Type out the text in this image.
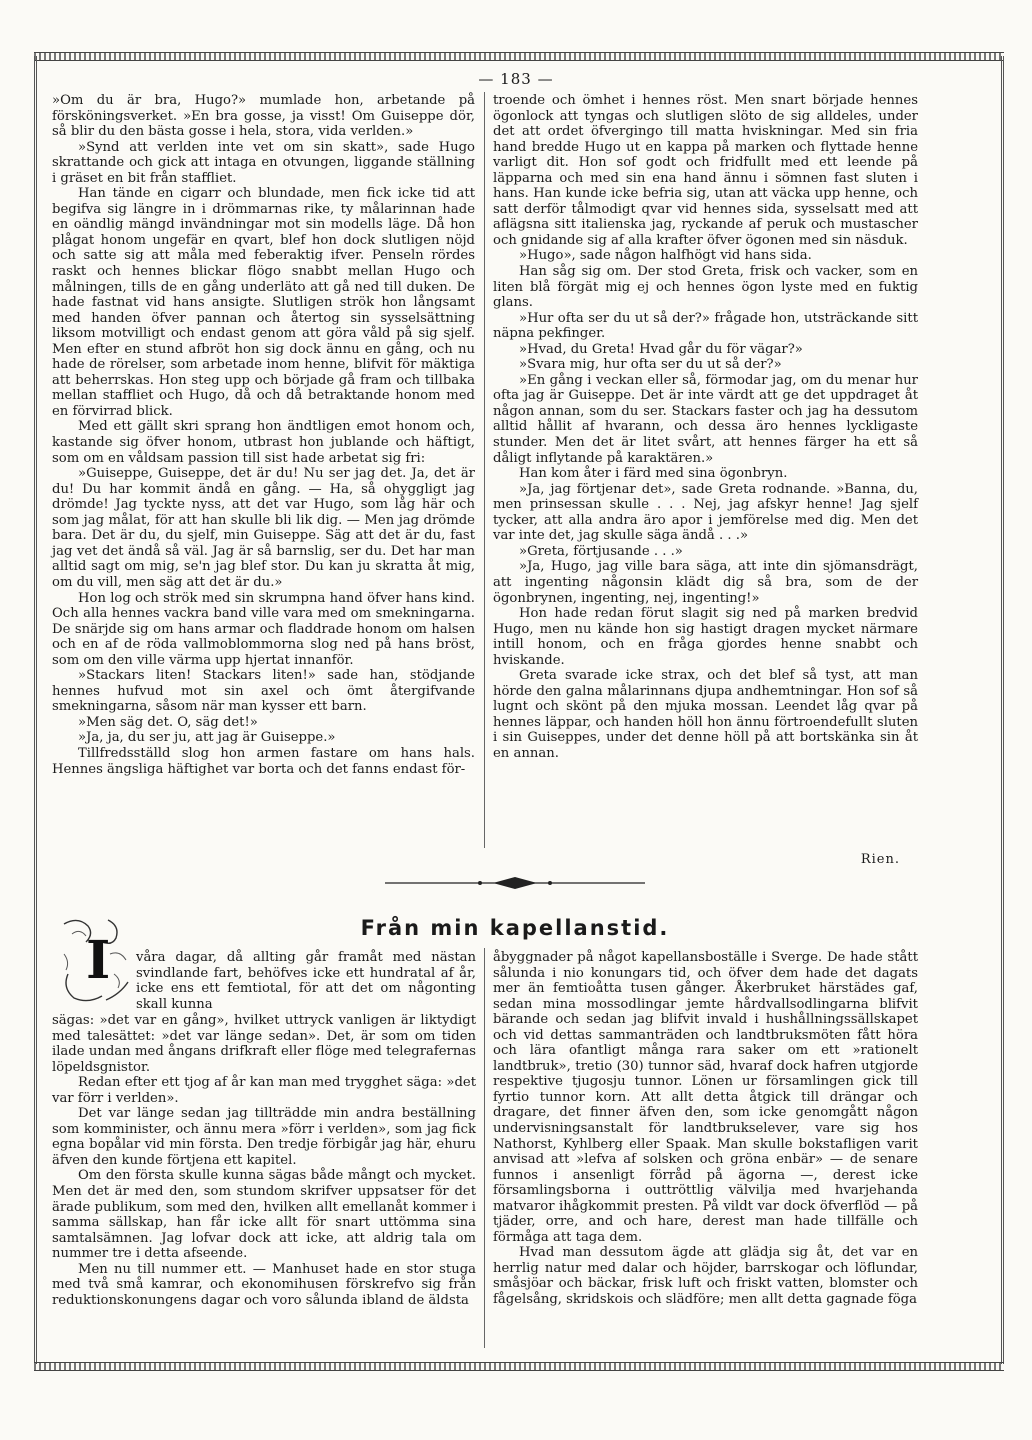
— 183 —

»Om du är bra, Hugo?» mumlade hon, arbetande på försköningsverket. »En bra gosse, ja visst! Om Guiseppe dör, så blir du den bästa gosse i hela, stora, vida verlden.»

»Synd att verlden inte vet om sin skatt», sade Hugo skrattande och gick att intaga en otvungen, liggande ställning i gräset en bit från staffliet.

Han tände en cigarr och blundade, men fick icke tid att begifva sig längre in i drömmarnas rike, ty målarinnan hade en oändlig mängd invändningar mot sin modells läge. Då hon plågat honom ungefär en qvart, blef hon dock slutligen nöjd och satte sig att måla med feberaktig ifver. Penseln rördes raskt och hennes blickar flögo snabbt mellan Hugo och målningen, tills de en gång underläto att gå ned till duken. De hade fastnat vid hans ansigte. Slutligen strök hon långsamt med handen öfver pannan och återtog sin sysselsättning liksom motvilligt och endast genom att göra våld på sig sjelf. Men efter en stund afbröt hon sig dock ännu en gång, och nu hade de rörelser, som arbetade inom henne, blifvit för mäktiga att beherrskas. Hon steg upp och började gå fram och tillbaka mellan staffliet och Hugo, då och då betraktande honom med en förvirrad blick.

Med ett gällt skri sprang hon ändtligen emot honom och, kastande sig öfver honom, utbrast hon jublande och häftigt, som om en våldsam passion till sist hade arbetat sig fri:

»Guiseppe, Guiseppe, det är du! Nu ser jag det. Ja, det är du! Du har kommit ändå en gång. — Ha, så ohyggligt jag drömde! Jag tyckte nyss, att det var Hugo, som låg här och som jag målat, för att han skulle bli lik dig. — Men jag drömde bara. Det är du, du sjelf, min Guiseppe. Säg att det är du, fast jag vet det ändå så väl. Jag är så barnslig, ser du. Det har man alltid sagt om mig, se'n jag blef stor. Du kan ju skratta åt mig, om du vill, men säg att det är du.»

Hon log och strök med sin skrumpna hand öfver hans kind. Och alla hennes vackra band ville vara med om smekningarna. De snärjde sig om hans armar och fladdrade honom om halsen och en af de röda vallmoblommorna slog ned på hans bröst, som om den ville värma upp hjertat innanför.

»Stackars liten! Stackars liten!» sade han, stödjande hennes hufvud mot sin axel och ömt återgifvande smekningarna, såsom när man kysser ett barn.

»Men säg det. O, säg det!»

»Ja, ja, du ser ju, att jag är Guiseppe.»

Tillfredsställd slog hon armen fastare om hans hals. Hennes ängsliga häftighet var borta och det fanns endast för-

troende och ömhet i hennes röst. Men snart började hennes ögonlock att tyngas och slutligen slöto de sig alldeles, under det att ordet öfvergingo till matta hviskningar. Med sin fria hand bredde Hugo ut en kappa på marken och flyttade henne varligt dit. Hon sof godt och fridfullt med ett leende på läpparna och med sin ena hand ännu i sömnen fast sluten i hans. Han kunde icke befria sig, utan att väcka upp henne, och satt derför tålmodigt qvar vid hennes sida, sysselsatt med att aflägsna sitt italienska jag, ryckande af peruk och mustascher och gnidande sig af alla krafter öfver ögonen med sin näsduk.

»Hugo», sade någon halfhögt vid hans sida.

Han såg sig om. Der stod Greta, frisk och vacker, som en liten blå förgät mig ej och hennes ögon lyste med en fuktig glans.

»Hur ofta ser du ut så der?» frågade hon, utsträckande sitt näpna pekfinger.

»Hvad, du Greta! Hvad går du för vägar?»

»Svara mig, hur ofta ser du ut så der?»

»En gång i veckan eller så, förmodar jag, om du menar hur ofta jag är Guiseppe. Det är inte värdt att ge det uppdraget åt någon annan, som du ser. Stackars faster och jag ha dessutom alltid hållit af hvarann, och dessa äro hennes lyckligaste stunder. Men det är litet svårt, att hennes färger ha ett så dåligt inflytande på karaktären.»

Han kom åter i färd med sina ögonbryn.

»Ja, jag förtjenar det», sade Greta rodnande. »Banna, du, men prinsessan skulle . . . Nej, jag afskyr henne! Jag sjelf tycker, att alla andra äro apor i jemförelse med dig. Men det var inte det, jag skulle säga ändå . . .»

»Greta, förtjusande . . .»

»Ja, Hugo, jag ville bara säga, att inte din sjömansdrägt, att ingenting någonsin klädt dig så bra, som de der ögonbrynen, ingenting, nej, ingenting!»

Hon hade redan förut slagit sig ned på marken bredvid Hugo, men nu kände hon sig hastigt dragen mycket närmare intill honom, och en fråga gjordes henne snabbt och hviskande.

Greta svarade icke strax, och det blef så tyst, att man hörde den galna målarinnans djupa andhemtningar. Hon sof så lugnt och skönt på den mjuka mossan. Leendet låg qvar på hennes läppar, och handen höll hon ännu förtroendefullt sluten i sin Guiseppes, under det denne höll på att bortskänka sin åt en annan.

Rien.
Från min kapellanstid.
I våra dagar, då allting går framåt med nästan svindlande fart, behöfves icke ett hundratal af år, icke ens ett femtiotal, för att det om någonting skall kunna

sägas: »det var en gång», hvilket uttryck vanligen är liktydigt med talesättet: »det var länge sedan». Det, är som om tiden ilade undan med ångans drifkraft eller flöge med telegrafernas löpeldsgnistor.

Redan efter ett tjog af år kan man med trygghet säga: »det var förr i verlden».

Det var länge sedan jag tillträdde min andra beställning som komminister, och ännu mera »förr i verlden», som jag fick egna bopålar vid min första. Den tredje förbigår jag här, ehuru äfven den kunde förtjena ett kapitel.

Om den första skulle kunna sägas både mångt och mycket. Men det är med den, som stundom skrifver uppsatser för det ärade publikum, som med den, hvilken allt emellanåt kommer i samma sällskap, han får icke allt för snart uttömma sina samtalsämnen. Jag lofvar dock att icke, att aldrig tala om nummer tre i detta afseende.

Men nu till nummer ett. — Manhuset hade en stor stuga med två små kamrar, och ekonomihusen förskrefvo sig från reduktionskonungens dagar och voro sålunda ibland de äldsta

åbyggnader på något kapellansboställe i Sverge. De hade stått sålunda i nio konungars tid, och öfver dem hade det dagats mer än femtioåtta tusen gånger. Åkerbruket härstädes gaf, sedan mina mossodlingar jemte hårdvallsodlingarna blifvit bärande och sedan jag blifvit invald i hushållningssällskapet och vid dettas sammanträden och landtbruksmöten fått höra och lära ofantligt många rara saker om ett »rationelt landtbruk», tretio (30) tunnor säd, hvaraf dock hafren utgjorde respektive tjugosju tunnor. Lönen ur församlingen gick till fyrtio tunnor korn. Att allt detta åtgick till drängar och dragare, det finner äfven den, som icke genomgått någon undervisningsanstalt för landtbrukselever, vare sig hos Nathorst, Kyhlberg eller Spaak. Man skulle bokstafligen varit anvisad att »lefva af solsken och gröna enbär» — de senare funnos i ansenligt förråd på ägorna —, derest icke församlingsborna i outtröttlig välvilja med hvarjehanda matvaror ihågkommit presten. På vildt var dock öfverflöd — på tjäder, orre, and och hare, derest man hade tillfälle och förmåga att taga dem.

Hvad man dessutom ägde att glädja sig åt, det var en herrlig natur med dalar och höjder, barrskogar och löflundar, småsjöar och bäckar, frisk luft och friskt vatten, blomster och fågelsång, skridskois och slädföre; men allt detta gagnade föga
